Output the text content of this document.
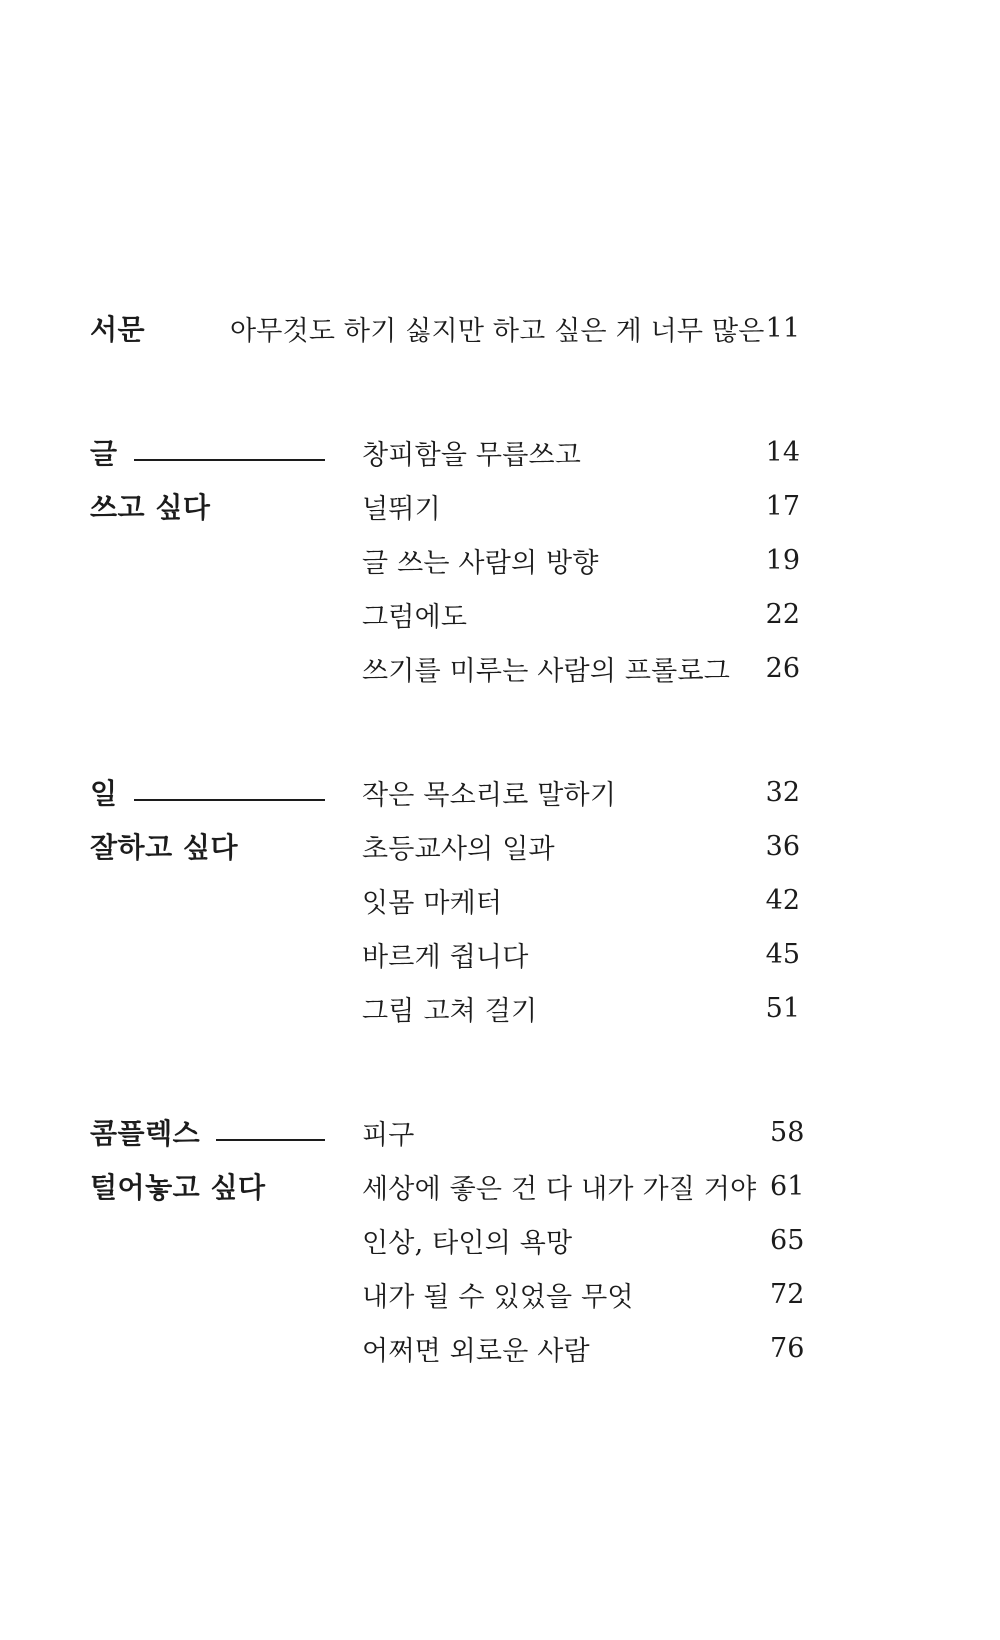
서문	아무것도 하기 싫지만 하고 싶은 게 너무 많은 11
글
쓰고 싶다
창피함을 무릅쓰고	14
널뛰기	17
글 쓰는 사람의 방향	19
그럼에도	22
쓰기를 미루는 사람의 프롤로그	26
일
잘하고 싶다
작은 목소리로 말하기	32
초등교사의 일과	36
잇몸 마케터	42
바르게 쥡니다	45
그림 고쳐 걸기	51
콤플렉스
털어놓고 싶다
피구	58
세상에 좋은 건 다 내가 가질 거야 61
인상, 타인의 욕망	65
내가 될 수 있었을 무엇	72
어쩌면 외로운 사람	76
